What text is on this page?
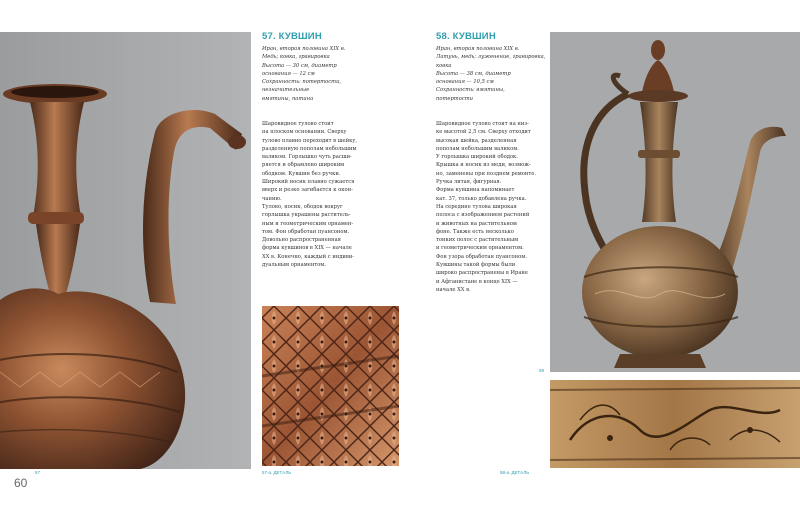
60
57
57. КУВШИН
Иран, вторая половина XIX в.
Медь; ковка, гравировка
Высота — 30 см, диаметр
основания — 12 см
Сохранность: потертости,
незначительные
вмятины, патина
Шаровидное тулово стоит
на плоском основании. Сверху
тулово плавно переходит в шейку,
разделенную пополам небольшим
валиком. Горлышко чуть расши-
ряется и обрамлено широким
ободком. Кувшин без ручки.
Широкий носик плавно сужается
вверх и резко загибается к окон-
чанию.
Тулово, носик, ободок вокруг
горлышка украшены раститель-
ным и геометрическим орнамен-
том. Фон обработан пуансоном.
Довольно распространенная
форма кувшинов в XIX — начале
XX в. Конечно, каждый с индиви-
дуальным орнаментом.
57-a. ДЕТАЛЬ
58. КУВШИН
Иран, вторая половина XIX в.
Латунь, медь; луженение, гравировка,
ковка
Высота — 38 см, диаметр
основания — 10,5 см
Сохранность: вмятины,
потертости
Шаровидное тулово стоит на низ-
ке высотой 2,5 см. Сверху отходит
высокая шейка, разделенная
пополам небольшим валиком.
У горлышка широкий ободок.
Крышка и носик из меди, возмож-
но, заменены при позднем ремонте.
Ручка литая, фигурная.
Форма кувшина напоминает
кат. 37, только добавлена ручка.
На середине тулова широкая
полоса с изображением растений
и животных на растительном
фоне. Также есть несколько
тонких полос с растительным
и геометрическим орнаментом.
Фон узора обработан пуансоном.
Кувшины такой формы были
широко распространены в Иране
и Афганистане в конце XIX —
начале XX в.
58
58-a. ДЕТАЛЬ
